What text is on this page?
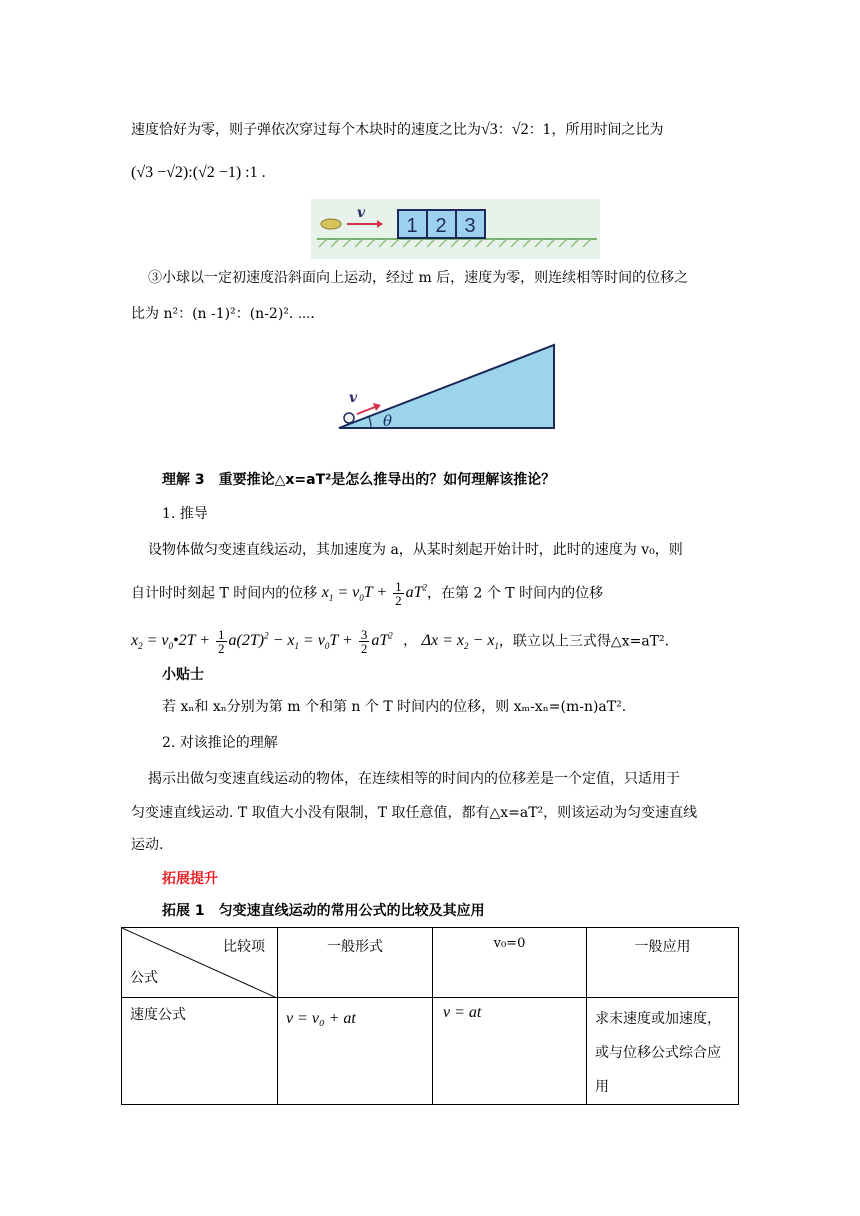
速度恰好为零，则子弹依次穿过每个木块时的速度之比为√3：√2：1，所用时间之比为
(√3 −√2):(√2 −1) :1 .
v
1 2 3
③小球以一定初速度沿斜面向上运动，经过 m 后，速度为零，则连续相等时间的位移之
比为 n²：(n -1)²：(n-2)². ⋯.
v
θ
理解 3　重要推论△x=aT²是怎么推导出的？如何理解该推论？
1. 推导
设物体做匀变速直线运动，其加速度为 a，从某时刻起开始计时，此时的速度为 v₀，则
自计时时刻起 T 时间内的位移 $x_1 = v_0T + \frac{1}{2} aT^2$，在第 2 个 T 时间内的位移
$x_2$ = $v_0•2T + \frac{1}{2} a(2T)^2 - x_1 = v_0T + \frac{3}{2} aT^2$ ， $\Delta x = x_2 - x_1$，联立以上三式得△x=aT².
小贴士
若 xₙ和 xₙ分别为第 m 个和第 n 个 T 时间内的位移，则 xₘ-xₙ=(m-n)aT².
2. 对该推论的理解
揭示出做匀变速直线运动的物体，在连续相等的时间内的位移差是一个定值，只适用于
匀变速直线运动. T 取值大小没有限制，T 取任意值，都有△x=aT²，则该运动为匀变速直线
运动.
拓展提升
拓展 1　匀变速直线运动的常用公式的比较及其应用
比较项
公式	一般形式	v₀=0	一般应用
速度公式	v = v₀ + at	v = at	求末速度或加速度，
或与位移公式综合应
用
